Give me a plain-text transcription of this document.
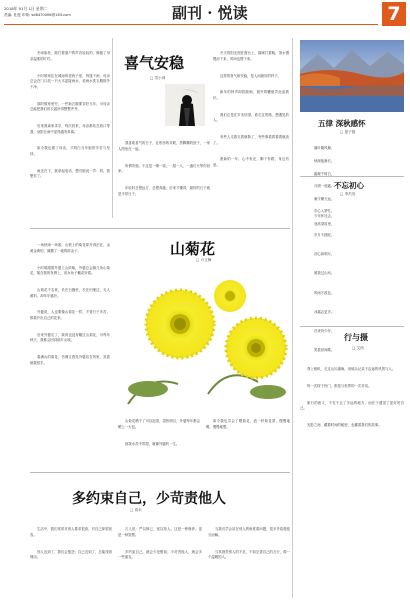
2018年 01月 1日 星期二
责编: 杜莲 印象: sd6470006@163.com	副刊 · 悦读	7

冬雨如丝，敲打着窗户的声音轻轻的，像极了母亲温柔的叮咛。

小时候家住在城南的老巷子里，每逢下雨，母亲总会在门口放一只大木盆接雨水，说雨水洗衣服格外干净。

那时候家里穷，一件新衣服要穿好几年，可母亲总能把我们的衣裳补得整整齐齐。

后来我离家求学，每次回来，母亲都站在巷口等我，身影在雨中显得越发单薄。

如今我也做了母亲，才明白当年她的辛苦与坚持。

雨还在下，我拿起电话，想对她说一声：妈，我想你了。

喜气安稳
□ 雪小禅

我喜欢喜气的日子，红彤彤的对联，热腾腾的饺子，一家人围坐在一起。

所谓安稳，不过是一粥一饭，一屋一人，一盏灯火等你回家。

年轻时总想远方，总想奔跑，后来才懂得，最好的日子就是平常日子。

冬天的阳光照在窗台上，猫咪打着盹，茶水慢慢凉下来，时间也慢下来。

这样的喜气和安稳，是人间最好的样子。

新年的钟声即将敲响，窗外的鞭炮声此起彼伏。

我们总是在岁末回望，看走过的路，想遇见的人。

有些人走着走着就散了，有些事看着看着就淡了。

愿新的一年，心中有光，脚下有路，身边有爱。

一场秋雨一场寒，山坡上的菊花却开得正旺，金黄金黄的，像撒了一地的碎金子。

小时候跟着外婆上山砍柴，外婆总会摘几朵山菊花，插在我的发辫上，说女孩子戴花好看。

山菊花不名贵，长在石缝里，长在田埂边，无人照料，却年年盛开。

外婆说，人也要像山菊花一样，不管日子多苦，都要开出自己的花来。

后来外婆走了，我再也没有戴过山菊花，可每年秋天，我都会回到那片山坡。

看满山的菊花，仿佛又看见外婆站在风里，笑着朝我招手。

山菊花
□ 卢文舞

山菊花晒干了可以泡茶，清热明目，外婆每年都会晒上一大包。

那茶水苦中带甜，就像外婆的一生。

如今我也学会了晒菊花，泡一杯菊花茶，慢慢地喝，慢慢地想。

多约束自己，少苛责他人
□ 周末

生活中，我们常常对别人要求很高，对自己却很宽容。

别人迟到了，我们会抱怨；自己迟到了，总能找到理由。

古人说：严以律己，宽以待人。这是一种修养，更是一种智慧。

多约束自己，就会少犯错误；少苛责他人，就会多一些朋友。

当我们学会站在别人的角度看问题，很多矛盾便迎刃而解。

与其指责别人的不足，不如完善自己的言行，做一个温暖的人。

五律 深秋感怀
□ 夏子嬉

落叶随风舞，

秋深夜渐长。

霜凝千树白，

月照一庭霜。

雁字横天远，

乡心入梦忙。

登高望故里，

不忘初心
□ 李杰英

少年怀壮志，

岁月不蹉跎。

初心如明月，

照我过山河。

风雨不改色，

冰霜志更多。

归来仍少年，

笑看世间歌。

行与摄
□ 艾西

背上相机，走过山川湖海，用镜头记录下沿途的风景与人。

每一次按下快门，都是与世界的一次对话。

旅行的意义，不在于去了多远的地方，而在于遇见了更好的自己。

光影之间，藏着时间的秘密，也藏着我们的故事。
